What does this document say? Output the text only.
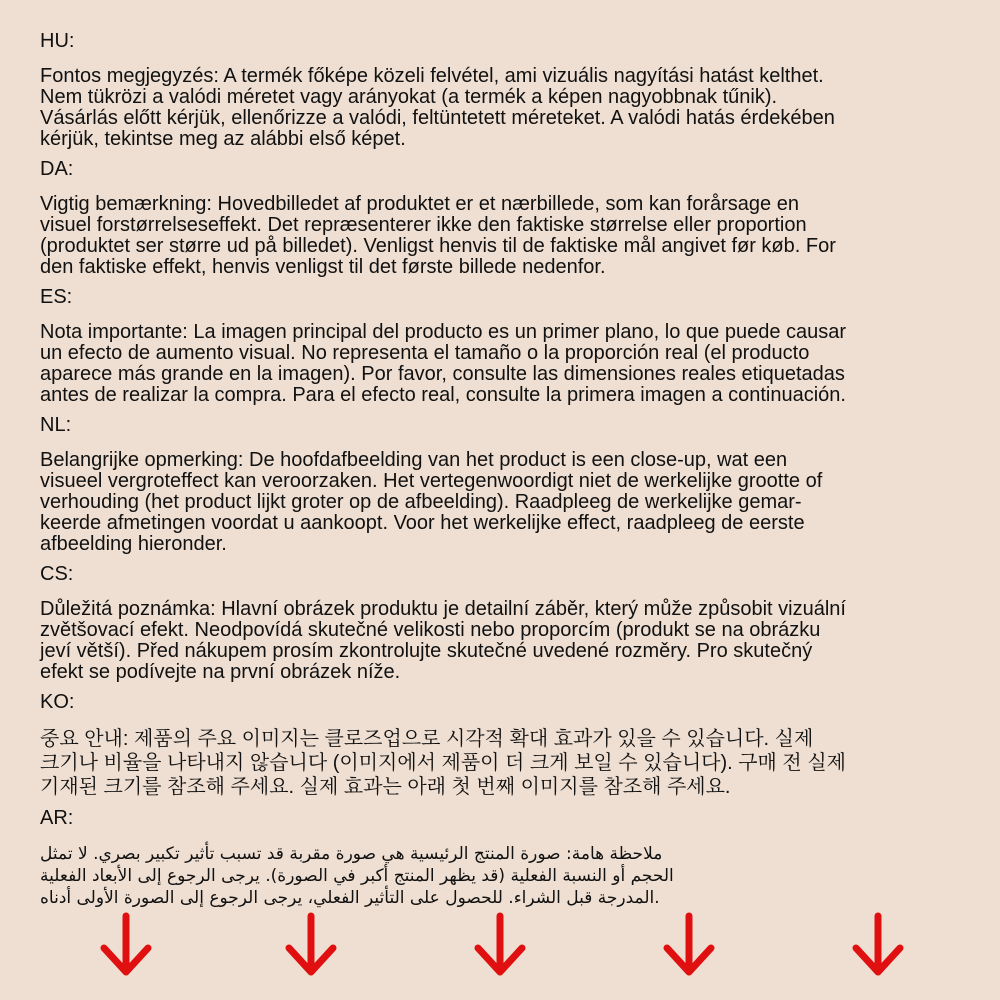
HU:
Fontos megjegyzés: A termék főképe közeli felvétel, ami vizuális nagyítási hatást kelthet.
Nem tükrözi a valódi méretet vagy arányokat (a termék a képen nagyobbnak tűnik).
Vásárlás előtt kérjük, ellenőrizze a valódi, feltüntetett méreteket. A valódi hatás érdekében
kérjük, tekintse meg az alábbi első képet.
DA:
Vigtig bemærkning: Hovedbilledet af produktet er et nærbillede, som kan forårsage en
visuel forstørrelseseffekt. Det repræsenterer ikke den faktiske størrelse eller proportion
(produktet ser større ud på billedet). Venligst henvis til de faktiske mål angivet før køb. For
den faktiske effekt, henvis venligst til det første billede nedenfor.
ES:
Nota importante: La imagen principal del producto es un primer plano, lo que puede causar
un efecto de aumento visual. No representa el tamaño o la proporción real (el producto
aparece más grande en la imagen). Por favor, consulte las dimensiones reales etiquetadas
antes de realizar la compra. Para el efecto real, consulte la primera imagen a continuación.
NL:
Belangrijke opmerking: De hoofdafbeelding van het product is een close-up, wat een
visueel vergroteffect kan veroorzaken. Het vertegenwoordigt niet de werkelijke grootte of
verhouding (het product lijkt groter op de afbeelding). Raadpleeg de werkelijke gemar-
keerde afmetingen voordat u aankoopt. Voor het werkelijke effect, raadpleeg de eerste
afbeelding hieronder.
CS:
Důležitá poznámka: Hlavní obrázek produktu je detailní záběr, který může způsobit vizuální
zvětšovací efekt. Neodpovídá skutečné velikosti nebo proporcím (produkt se na obrázku
jeví větší). Před nákupem prosím zkontrolujte skutečné uvedené rozměry. Pro skutečný
efekt se podívejte na první obrázek níže.
KO:
중요 안내: 제품의 주요 이미지는 클로즈업으로 시각적 확대 효과가 있을 수 있습니다. 실제
크기나 비율을 나타내지 않습니다 (이미지에서 제품이 더 크게 보일 수 있습니다). 구매 전 실제
기재된 크기를 참조해 주세요. 실제 효과는 아래 첫 번째 이미지를 참조해 주세요.
AR:
ملاحظة هامة: صورة المنتج الرئيسية هي صورة مقربة قد تسبب تأثير تكبير بصري. لا تمثل
الحجم أو النسبة الفعلية (قد يظهر المنتج أكبر في الصورة). يرجى الرجوع إلى الأبعاد الفعلية
المدرجة قبل الشراء. للحصول على التأثير الفعلي، يرجى الرجوع إلى الصورة الأولى أدناه.
